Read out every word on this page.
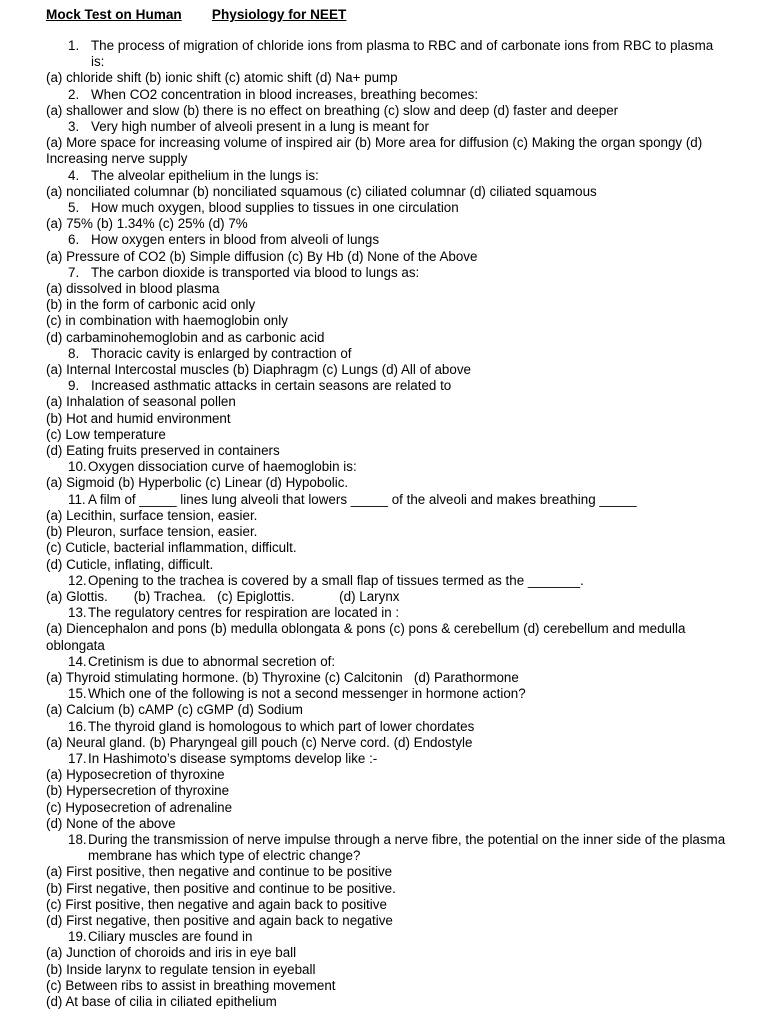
Mock Test on Human Physiology for NEET
1. The process of migration of chloride ions from plasma to RBC and of carbonate ions from RBC to plasma is:
(a) chloride shift (b) ionic shift (c) atomic shift (d) Na+ pump
2. When CO2 concentration in blood increases, breathing becomes:
(a) shallower and slow (b) there is no effect on breathing (c) slow and deep (d) faster and deeper
3. Very high number of alveoli present in a lung is meant for
(a) More space for increasing volume of inspired air (b) More area for diffusion (c) Making the organ spongy (d) Increasing nerve supply
4. The alveolar epithelium in the lungs is:
(a) nonciliated columnar (b) nonciliated squamous (c) ciliated columnar (d) ciliated squamous
5. How much oxygen, blood supplies to tissues in one circulation
(a) 75% (b) 1.34% (c) 25% (d) 7%
6. How oxygen enters in blood from alveoli of lungs
(a) Pressure of CO2 (b) Simple diffusion (c) By Hb (d) None of the Above
7. The carbon dioxide is transported via blood to lungs as:
(a) dissolved in blood plasma
(b) in the form of carbonic acid only
(c) in combination with haemoglobin only
(d) carbaminohemoglobin and as carbonic acid
8. Thoracic cavity is enlarged by contraction of
(a) Internal Intercostal muscles (b) Diaphragm (c) Lungs (d) All of above
9. Increased asthmatic attacks in certain seasons are related to
(a) Inhalation of seasonal pollen
(b) Hot and humid environment
(c) Low temperature
(d) Eating fruits preserved in containers
10. Oxygen dissociation curve of haemoglobin is:
(a) Sigmoid (b) Hyperbolic (c) Linear (d) Hypobolic.
11. A film of _____ lines lung alveoli that lowers _____ of the alveoli and makes breathing _____
(a) Lecithin, surface tension, easier.
(b) Pleuron, surface tension, easier.
(c) Cuticle, bacterial inflammation, difficult.
(d) Cuticle, inflating, difficult.
12. Opening to the trachea is covered by a small flap of tissues termed as the _______.
(a) Glottis.       (b) Trachea.   (c) Epiglottis.            (d) Larynx
13. The regulatory centres for respiration are located in :
(a) Diencephalon and pons (b) medulla oblongata & pons (c) pons & cerebellum (d) cerebellum and medulla oblongata
14. Cretinism is due to abnormal secretion of:
(a) Thyroid stimulating hormone. (b) Thyroxine (c) Calcitonin   (d) Parathormone
15. Which one of the following is not a second messenger in hormone action?
(a) Calcium (b) cAMP (c) cGMP (d) Sodium
16. The thyroid gland is homologous to which part of lower chordates
(a) Neural gland. (b) Pharyngeal gill pouch (c) Nerve cord. (d) Endostyle
17. In Hashimoto’s disease symptoms develop like :-
(a) Hyposecretion of thyroxine
(b) Hypersecretion of thyroxine
(c) Hyposecretion of adrenaline
(d) None of the above
18. During the transmission of nerve impulse through a nerve fibre, the potential on the inner side of the plasma membrane has which type of electric change?
(a) First positive, then negative and continue to be positive
(b) First negative, then positive and continue to be positive.
(c) First positive, then negative and again back to positive
(d) First negative, then positive and again back to negative
19. Ciliary muscles are found in
(a) Junction of choroids and iris in eye ball
(b) Inside larynx to regulate tension in eyeball
(c) Between ribs to assist in breathing movement
(d) At base of cilia in ciliated epithelium
